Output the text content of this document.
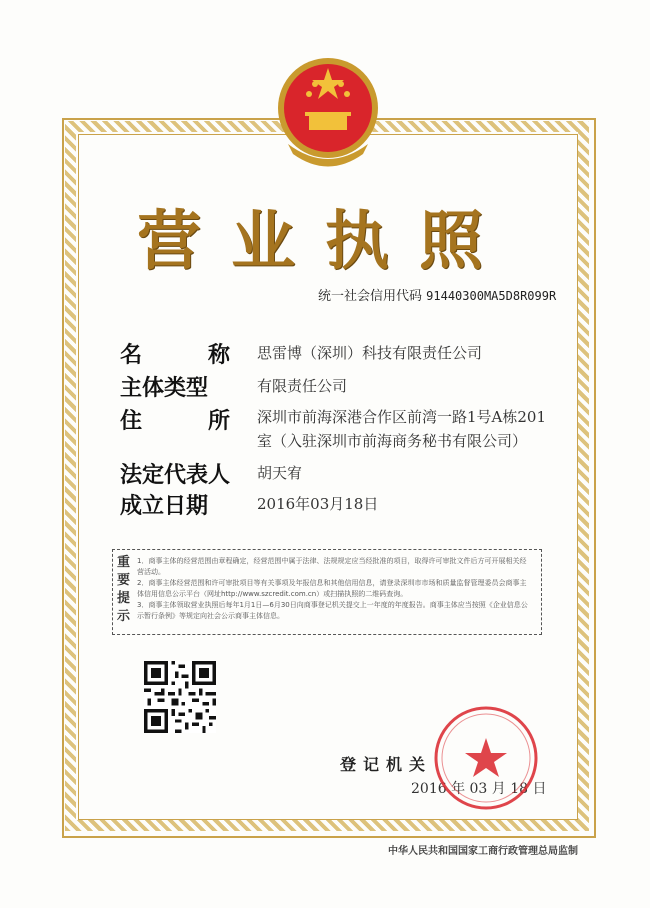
营业执照
统一社会信用代码 91440300MA5D8R099R
名　　　称 思雷博（深圳）科技有限责任公司
主体类型	有限责任公司
住　　　所 深圳市前海深港合作区前湾一路1号A栋201室（入驻深圳市前海商务秘书有限公司）
法定代表人 胡天宥
成立日期	2016年03月18日
重要提示
1．商事主体的经营范围由章程确定，经营范围中属于法律、法规规定应当经批准的项目，取得许可审批文件后方可开展相关经营活动。
2．商事主体经营范围和许可审批项目等有关事项及年报信息和其他信用信息，请登录深圳市市场和质量监督管理委员会商事主体信用信息公示平台（网址http://www.szcredit.com.cn）或扫描执照的二维码查询。
3．商事主体领取营业执照后每年1月1日—6月30日向商事登记机关提交上一年度的年度报告。商事主体应当按照《企业信息公示暂行条例》等规定向社会公示商事主体信息。
登记机关
2016 年 03 月 18 日
中华人民共和国国家工商行政管理总局监制
